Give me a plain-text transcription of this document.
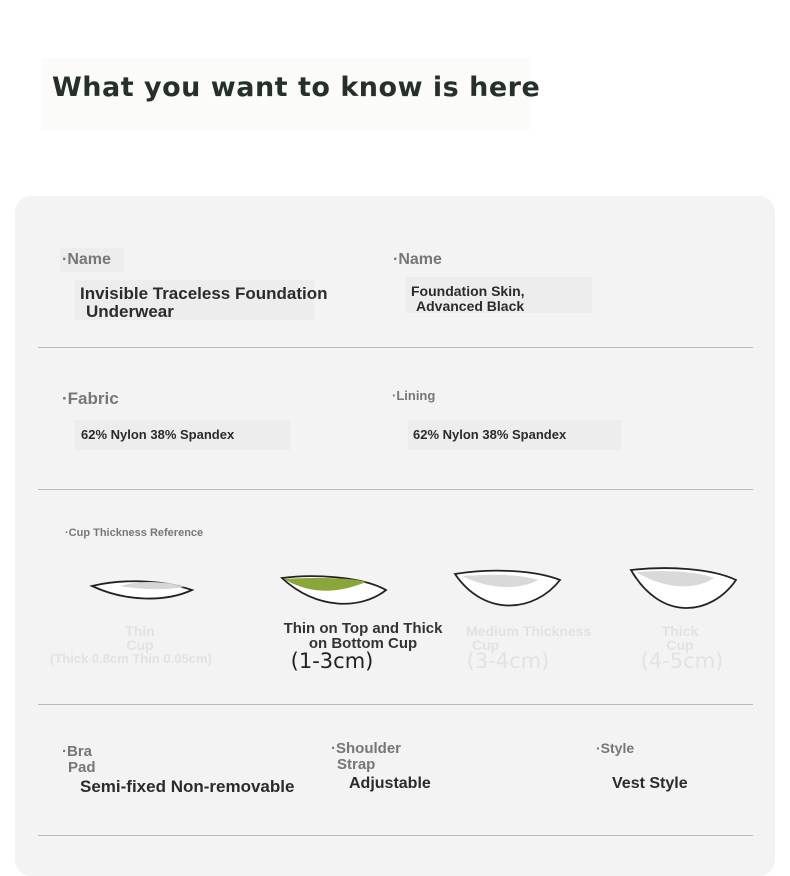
What you want to know is here
·Name
Invisible Traceless Foundation
Underwear
·Name
Foundation Skin,
Advanced Black
·Fabric
62% Nylon 38% Spandex
·Lining
62% Nylon 38% Spandex
·Cup Thickness Reference
Thin
Cup
(Thick 0.8cm Thin 0.05cm)
Thin on Top and Thick
on Bottom Cup
(1-3cm)
Medium Thickness
Cup
(3-4cm)
Thick
Cup
(4-5cm)
·Bra
Pad
Semi-fixed Non-removable
·Shoulder
Strap
Adjustable
·Style
Vest Style
